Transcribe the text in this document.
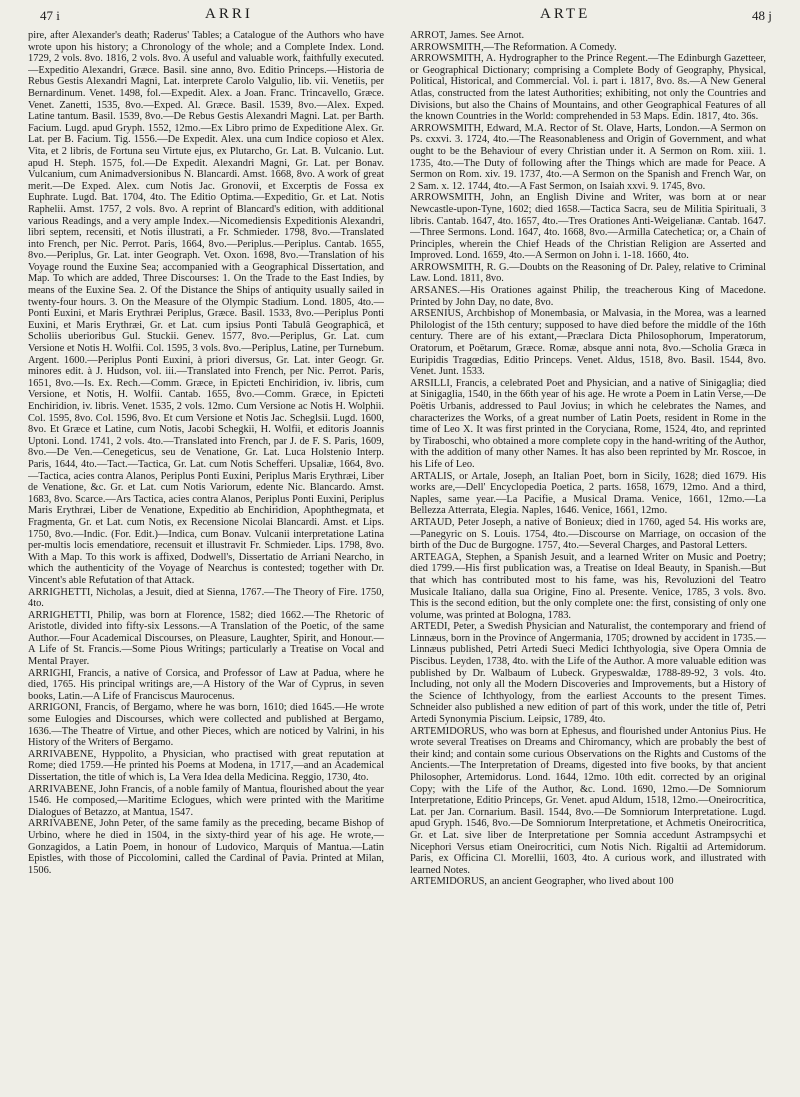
47 i	ARRI	ARTE	48 j

pire, after Alexander's death; Raderus' Tables; a Catalogue of the Authors who have wrote upon his history; a Chronology of the whole; and a Complete Index. Lond. 1729, 2 vols. 8vo. 1816, 2 vols. 8vo. A useful and valuable work, faithfully executed.—Expeditio Alexandri, Græce. Basil. sine anno, 8vo. Editio Princeps.—Historia de Rebus Gestis Alexandri Magni, Lat. interprete Carolo Valgulio, lib. vii. Venetiis, per Bernardinum. Venet. 1498, fol.—Expedit. Alex. a Joan. Franc. Trincavello, Græce. Venet. Zanetti, 1535, 8vo.—Exped. Al. Græce. Basil. 1539, 8vo.—Alex. Exped. Latine tantum. Basil. 1539, 8vo.—De Rebus Gestis Alexandri Magni. Lat. per Barth. Facium. Lugd. apud Gryph. 1552, 12mo.—Ex Libro primo de Expeditione Alex. Gr. Lat. per B. Facium. Tig. 1556.—De Expedit. Alex. una cum Indice copioso et Alex. Vita, et 2 libris, de Fortuna seu Virtute ejus, ex Plutarcho, Gr. Lat. B. Vulcanio. Lut. apud H. Steph. 1575, fol.—De Expedit. Alexandri Magni, Gr. Lat. per Bonav. Vulcanium, cum Animadversionibus N. Blancardi. Amst. 1668, 8vo. A work of great merit.—De Exped. Alex. cum Notis Jac. Gronovii, et Excerptis de Fossa ex Euphrate. Lugd. Bat. 1704, 4to. The Editio Optima.—Expeditio, Gr. et Lat. Notis Raphelii. Amst. 1757, 2 vols. 8vo. A reprint of Blancard's edition, with additional various Readings, and a very ample Index.—Nicomediensis Expeditionis Alexandri, libri septem, recensiti, et Notis illustrati, a Fr. Schmieder. 1798, 8vo.—Translated into French, per Nic. Perrot. Paris, 1664, 8vo.—Periplus.—Periplus. Cantab. 1655, 8vo.—Periplus, Gr. Lat. inter Geograph. Vet. Oxon. 1698, 8vo.—Translation of his Voyage round the Euxine Sea; accompanied with a Geographical Dissertation, and Map. To which are added, Three Discourses: 1. On the Trade to the East Indies, by means of the Euxine Sea. 2. Of the Distance the Ships of antiquity usually sailed in twenty-four hours. 3. On the Measure of the Olympic Stadium. Lond. 1805, 4to.—Ponti Euxini, et Maris Erythræi Periplus, Græce. Basil. 1533, 8vo.—Periplus Ponti Euxini, et Maris Erythræi, Gr. et Lat. cum ipsius Ponti Tabulâ Geographicâ, et Scholiis uberioribus Gul. Stuckii. Genev. 1577, 8vo.—Periplus, Gr. Lat. cum Versione et Notis H. Wolfii. Col. 1595, 3 vols. 8vo.—Periplus, Latine, per Turnebum. Argent. 1600.—Periplus Ponti Euxini, à priori diversus, Gr. Lat. inter Geogr. Gr. minores edit. à J. Hudson, vol. iii.—Translated into French, per Nic. Perrot. Paris, 1651, 8vo.—Is. Ex. Rech.—Comm. Græce, in Epicteti Enchiridion, iv. libris, cum Versione, et Notis, H. Wolfii. Cantab. 1655, 8vo.—Comm. Græce, in Epicteti Enchiridion, iv. libris. Venet. 1535, 2 vols. 12mo. Cum Versione ac Notis H. Wolphii. Col. 1595, 8vo. Col. 1596, 8vo. Et cum Versione et Notis Jac. Scheglsii. Lugd. 1600, 8vo. Et Græce et Latine, cum Notis, Jacobi Schegkii, H. Wolfii, et editoris Joannis Uptoni. Lond. 1741, 2 vols. 4to.—Translated into French, par J. de F. S. Paris, 1609, 8vo.—De Ven.—Cenegeticus, seu de Venatione, Gr. Lat. Luca Holstenio Interp. Paris, 1644, 4to.—Tact.—Tactica, Gr. Lat. cum Notis Schefferi. Upsaliæ, 1664, 8vo.—Tactica, acies contra Alanos, Periplus Ponti Euxini, Periplus Maris Erythræi, Liber de Venatione, &c. Gr. et Lat. cum Notis Variorum, edente Nic. Blancardo. Amst. 1683, 8vo. Scarce.—Ars Tactica, acies contra Alanos, Periplus Ponti Euxini, Periplus Maris Erythræi, Liber de Venatione, Expeditio ab Enchiridion, Apophthegmata, et Fragmenta, Gr. et Lat. cum Notis, ex Recensione Nicolai Blancardi. Amst. et Lips. 1750, 8vo.—Indic. (For. Edit.)—Indica, cum Bonav. Vulcanii interpretatione Latina per-multis locis emendatiore, recensuit et illustravit Fr. Schmieder. Lips. 1798, 8vo. With a Map. To this work is affixed, Dodwell's, Dissertatio de Arriani Nearcho, in which the authenticity of the Voyage of Nearchus is contested; together with Dr. Vincent's able Refutation of that Attack.

ARRIGHETTI, Nicholas, a Jesuit, died at Sienna, 1767.—The Theory of Fire. 1750, 4to.

ARRIGHETTI, Philip, was born at Florence, 1582; died 1662.—The Rhetoric of Aristotle, divided into fifty-six Lessons.—A Translation of the Poetic, of the same Author.—Four Academical Discourses, on Pleasure, Laughter, Spirit, and Honour.—A Life of St. Francis.—Some Pious Writings; particularly a Treatise on Vocal and Mental Prayer.

ARRIGHI, Francis, a native of Corsica, and Professor of Law at Padua, where he died, 1765. His principal writings are,—A History of the War of Cyprus, in seven books, Latin.—A Life of Franciscus Maurocenus.

ARRIGONI, Francis, of Bergamo, where he was born, 1610; died 1645.—He wrote some Eulogies and Discourses, which were collected and published at Bergamo, 1636.—The Theatre of Virtue, and other Pieces, which are noticed by Valrini, in his History of the Writers of Bergamo.

ARRIVABENE, Hyppolito, a Physician, who practised with great reputation at Rome; died 1759.—He printed his Poems at Modena, in 1717,—and an Academical Dissertation, the title of which is, La Vera Idea della Medicina. Reggio, 1730, 4to.

ARRIVABENE, John Francis, of a noble family of Mantua, flourished about the year 1546. He composed,—Maritime Eclogues, which were printed with the Maritime Dialogues of Betazzo, at Mantua, 1547.

ARRIVABENE, John Peter, of the same family as the preceding, became Bishop of Urbino, where he died in 1504, in the sixty-third year of his age. He wrote,—Gonzagidos, a Latin Poem, in honour of Ludovico, Marquis of Mantua.—Latin Epistles, with those of Piccolomini, called the Cardinal of Pavia. Printed at Milan, 1506.

ARROT, James. See Arnot.

ARROWSMITH,—The Reformation. A Comedy.

ARROWSMITH, A. Hydrographer to the Prince Regent.—The Edinburgh Gazetteer, or Geographical Dictionary; comprising a Complete Body of Geography, Physical, Political, Historical, and Commercial. Vol. i. part i. 1817, 8vo. 8s.—A New General Atlas, constructed from the latest Authorities; exhibiting, not only the Countries and Divisions, but also the Chains of Mountains, and other Geographical Features of all the known Countries in the World: comprehended in 53 Maps. Edin. 1817, 4to. 36s.

ARROWSMITH, Edward, M.A. Rector of St. Olave, Harts, London.—A Sermon on Ps. cxxvi. 3. 1724, 4to.—The Reasonableness and Origin of Government, and what ought to be the Behaviour of every Christian under it. A Sermon on Rom. xiii. 1. 1735, 4to.—The Duty of following after the Things which are made for Peace. A Sermon on Rom. xiv. 19. 1737, 4to.—A Sermon on the Spanish and French War, on 2 Sam. x. 12. 1744, 4to.—A Fast Sermon, on Isaiah xxvi. 9. 1745, 8vo.

ARROWSMITH, John, an English Divine and Writer, was born at or near Newcastle-upon-Tyne, 1602; died 1658.—Tactica Sacra, seu de Militia Spirituali, 3 libris. Cantab. 1647, 4to. 1657, 4to.—Tres Orationes Anti-Weigelianæ. Cantab. 1647.—Three Sermons. Lond. 1647, 4to. 1668, 8vo.—Armilla Catechetica; or, a Chain of Principles, wherein the Chief Heads of the Christian Religion are Asserted and Improved. Lond. 1659, 4to.—A Sermon on John i. 1-18. 1660, 4to.

ARROWSMITH, R. G.—Doubts on the Reasoning of Dr. Paley, relative to Criminal Law. Lond. 1811, 8vo.

ARSANES.—His Orationes against Philip, the treacherous King of Macedone. Printed by John Day, no date, 8vo.

ARSENIUS, Archbishop of Monembasia, or Malvasia, in the Morea, was a learned Philologist of the 15th century; supposed to have died before the middle of the 16th century. There are of his extant,—Præclara Dicta Philosophorum, Imperatorum, Oratorum, et Poëtarum, Græce. Romæ, absque anni nota, 8vo.—Scholia Græca in Euripidis Tragœdias, Editio Princeps. Venet. Aldus, 1518, 8vo. Basil. 1544, 8vo. Venet. Junt. 1533.

ARSILLI, Francis, a celebrated Poet and Physician, and a native of Sinigaglia; died at Sinigaglia, 1540, in the 66th year of his age. He wrote a Poem in Latin Verse,—De Poëtis Urbanis, addressed to Paul Jovius; in which he celebrates the Names, and characterizes the Works, of a great number of Latin Poets, resident in Rome in the time of Leo X. It was first printed in the Coryciana, Rome, 1524, 4to, and reprinted by Tiraboschi, who obtained a more complete copy in the hand-writing of the Author, with the addition of many other Names. It has also been reprinted by Mr. Roscoe, in his Life of Leo.

ARTALIS, or Artale, Joseph, an Italian Poet, born in Sicily, 1628; died 1679. His works are,—Dell' Encyclopedia Poetica, 2 parts. 1658, 1679, 12mo. And a third, Naples, same year.—La Pacifie, a Musical Drama. Venice, 1661, 12mo.—La Bellezza Atterrata, Elegia. Naples, 1646. Venice, 1661, 12mo.

ARTAUD, Peter Joseph, a native of Bonieux; died in 1760, aged 54. His works are,—Panegyric on S. Louis. 1754, 4to.—Discourse on Marriage, on occasion of the birth of the Duc de Burgogne. 1757, 4to.—Several Charges, and Pastoral Letters.

ARTEAGA, Stephen, a Spanish Jesuit, and a learned Writer on Music and Poetry; died 1799.—His first publication was, a Treatise on Ideal Beauty, in Spanish.—But that which has contributed most to his fame, was his, Revoluzioni del Teatro Musicale Italiano, dalla sua Origine, Fino al. Presente. Venice, 1785, 3 vols. 8vo. This is the second edition, but the only complete one: the first, consisting of only one volume, was printed at Bologna, 1783.

ARTEDI, Peter, a Swedish Physician and Naturalist, the contemporary and friend of Linnæus, born in the Province of Angermania, 1705; drowned by accident in 1735.—Linnæus published, Petri Artedi Sueci Medici Ichthyologia, sive Opera Omnia de Piscibus. Leyden, 1738, 4to. with the Life of the Author. A more valuable edition was published by Dr. Walbaum of Lubeck. Grypeswaldæ, 1788-89-92, 3 vols. 4to. Including, not only all the Modern Discoveries and Improvements, but a History of the Science of Ichthyology, from the earliest Accounts to the present Times. Schneider also published a new edition of part of this work, under the title of, Petri Artedi Synonymia Piscium. Leipsic, 1789, 4to.

ARTEMIDORUS, who was born at Ephesus, and flourished under Antonius Pius. He wrote several Treatises on Dreams and Chiromancy, which are probably the best of their kind; and contain some curious Observations on the Rights and Customs of the Ancients.—The Interpretation of Dreams, digested into five books, by that ancient Philosopher, Artemidorus. Lond. 1644, 12mo. 10th edit. corrected by an original Copy; with the Life of the Author, &c. Lond. 1690, 12mo.—De Somniorum Interpretatione, Editio Princeps, Gr. Venet. apud Aldum, 1518, 12mo.—Oneirocritica, Lat. per Jan. Cornarium. Basil. 1544, 8vo.—De Somniorum Interpretatione. Lugd. apud Gryph. 1546, 8vo.—De Somniorum Interpretatione, et Achmetis Oneirocritica, Gr. et Lat. sive liber de Interpretatione per Somnia accedunt Astrampsychi et Nicephori Versus etiam Oneirocritici, cum Notis Nich. Rigaltii ad Artemidorum. Paris, ex Officina Cl. Morellii, 1603, 4to. A curious work, and illustrated with learned Notes.

ARTEMIDORUS, an ancient Geographer, who lived about 100
